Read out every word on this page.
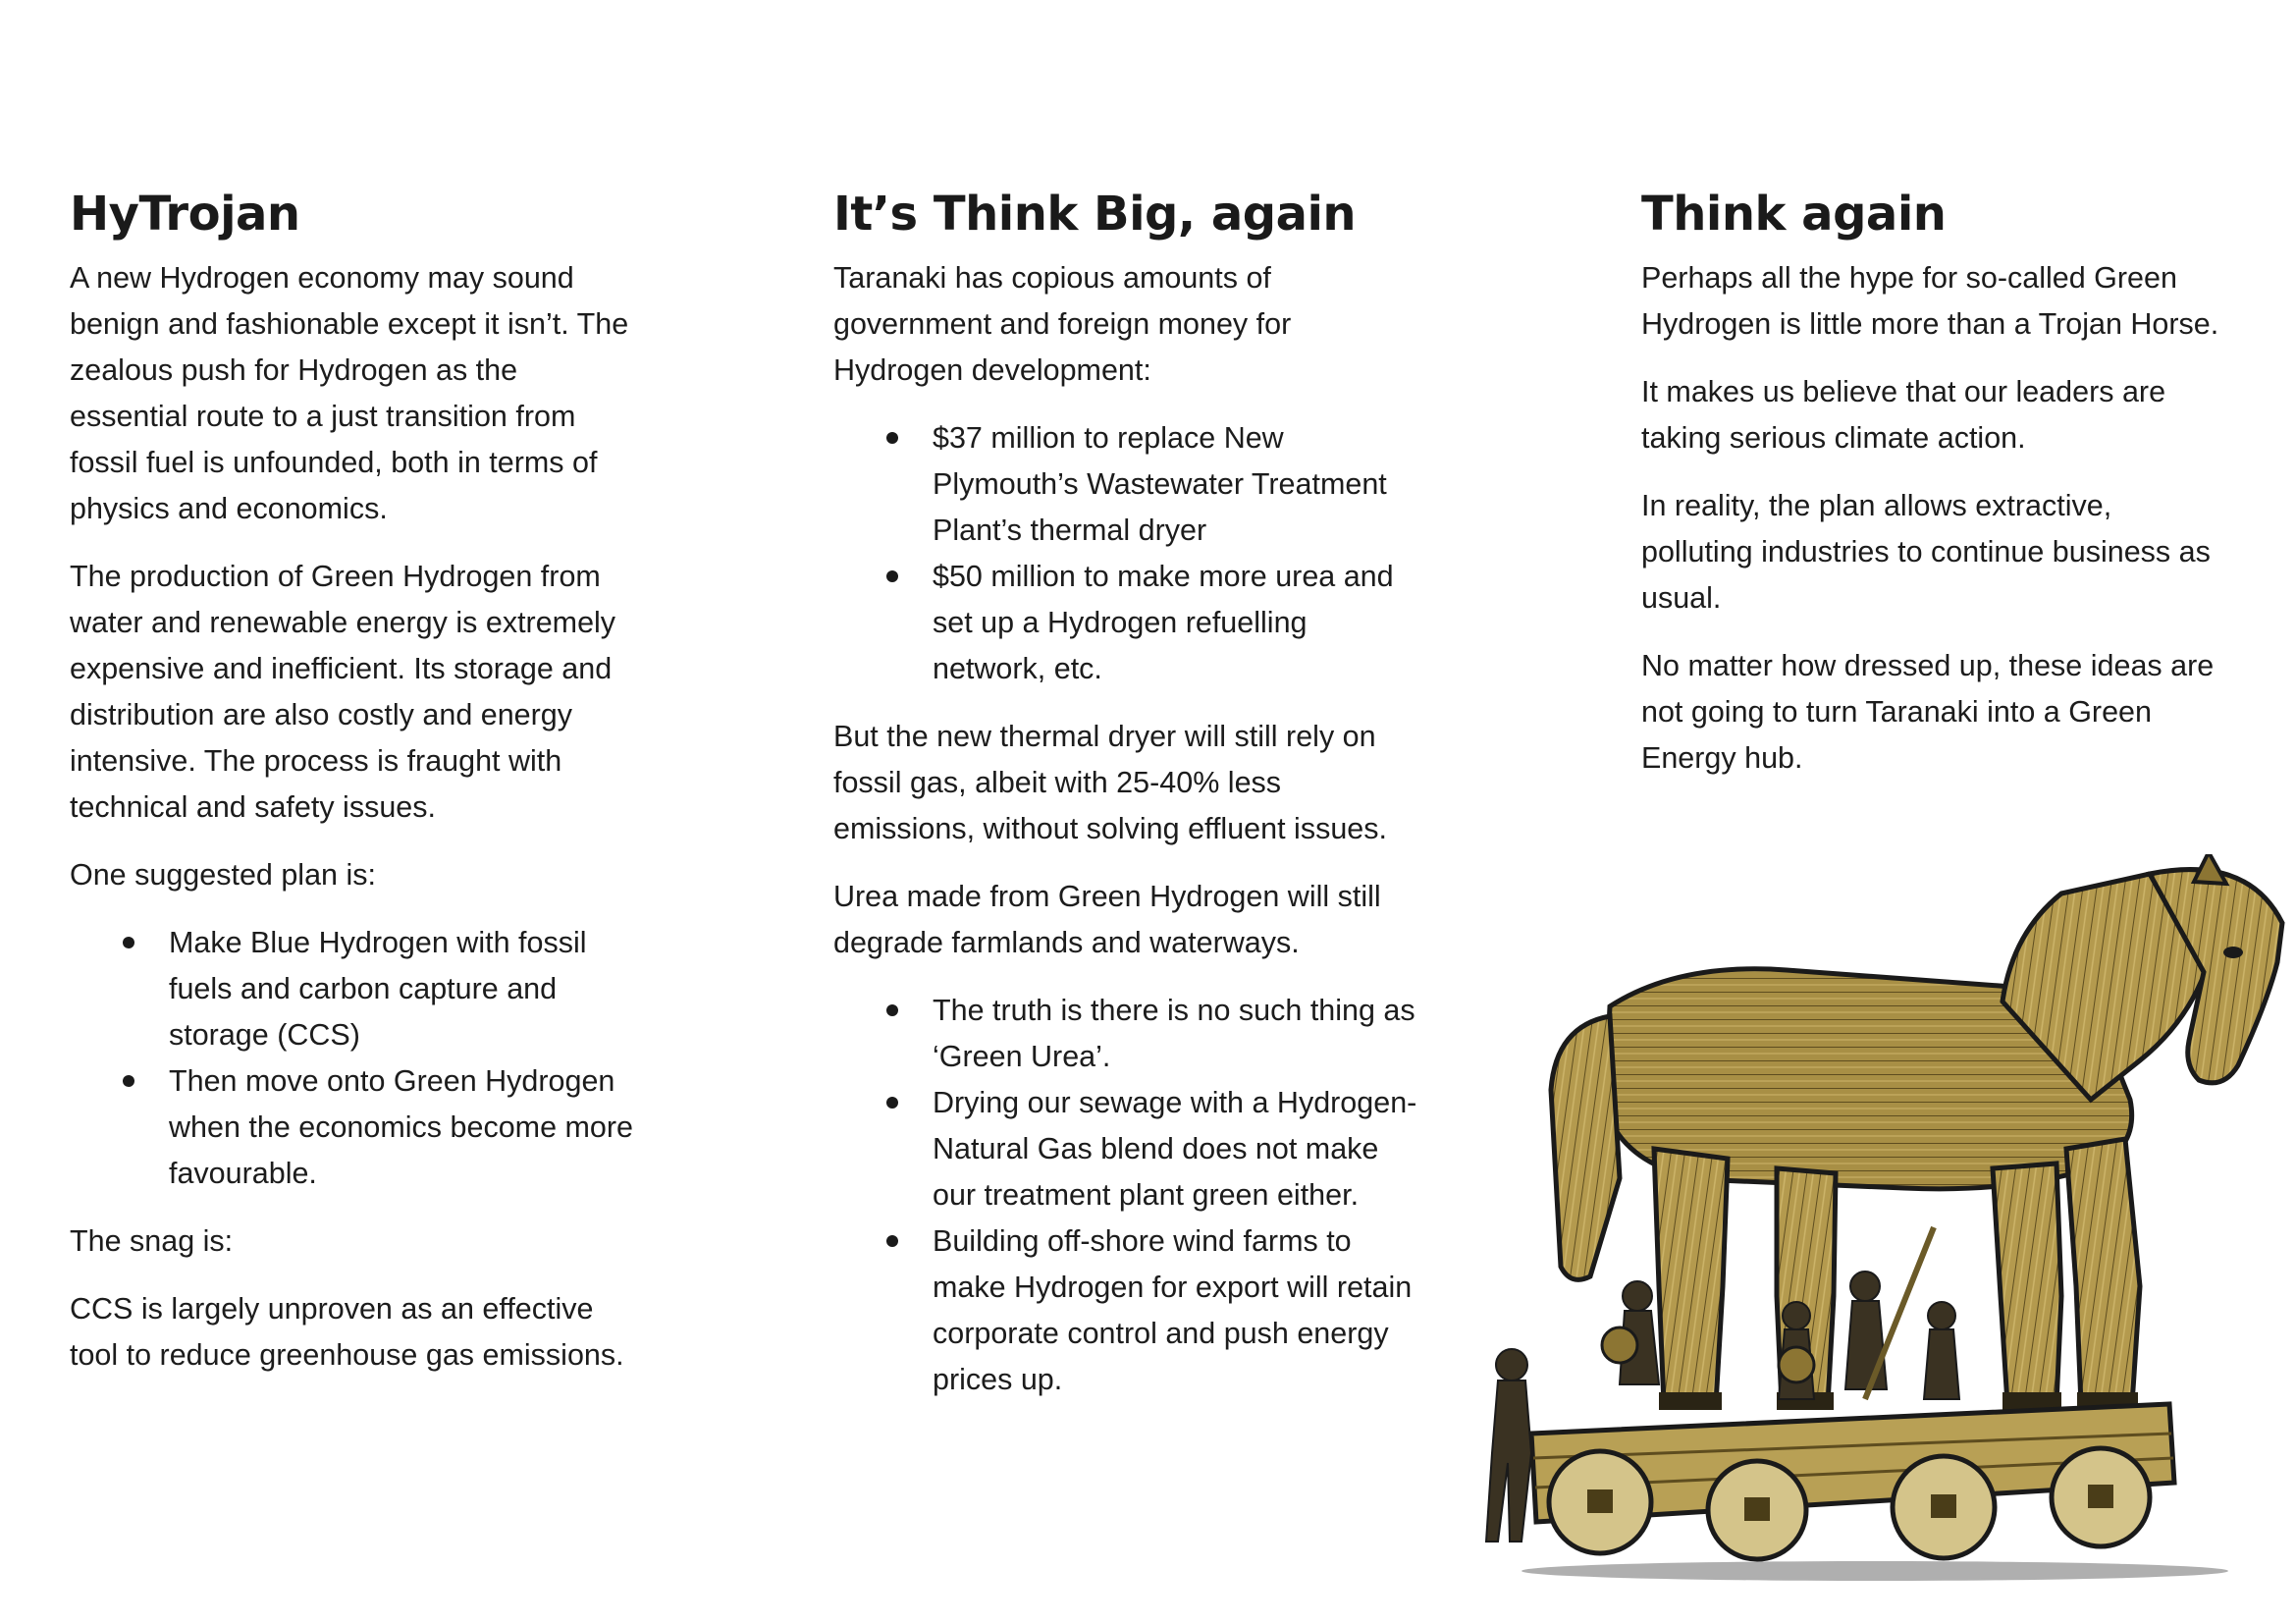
HyTrojan

A new Hydrogen economy may sound benign and fashionable except it isn’t. The zealous push for Hydrogen as the essential route to a just transition from fossil fuel is unfounded, both in terms of physics and economics.

The production of Green Hydrogen from water and renewable energy is extremely expensive and inefficient. Its storage and distribution are also costly and energy intensive. The process is fraught with technical and safety issues.

One suggested plan is:

Make Blue Hydrogen with fossil fuels and carbon capture and storage (CCS)
Then move onto Green Hydrogen when the economics become more favourable.

The snag is:

CCS is largely unproven as an effective tool to reduce greenhouse gas emissions.

It’s Think Big, again

Taranaki has copious amounts of government and foreign money for Hydrogen development:

$37 million to replace New Plymouth’s Wastewater Treatment Plant’s thermal dryer
$50 million to make more urea and set up a Hydrogen refuelling network, etc.

But the new thermal dryer will still rely on fossil gas, albeit with 25-40% less emissions, without solving effluent issues.

Urea made from Green Hydrogen will still degrade farmlands and waterways.

The truth is there is no such thing as ‘Green Urea’.
Drying our sewage with a Hydrogen-Natural Gas blend does not make our treatment plant green either.
Building off-shore wind farms to make Hydrogen for export will retain corporate control and push energy prices up.
Think again

Perhaps all the hype for so-called Green Hydrogen is little more than a Trojan Horse.

It makes us believe that our leaders are taking serious climate action.

In reality, the plan allows extractive, polluting industries to continue business as usual.

No matter how dressed up, these ideas are not going to turn Taranaki into a Green Energy hub.
